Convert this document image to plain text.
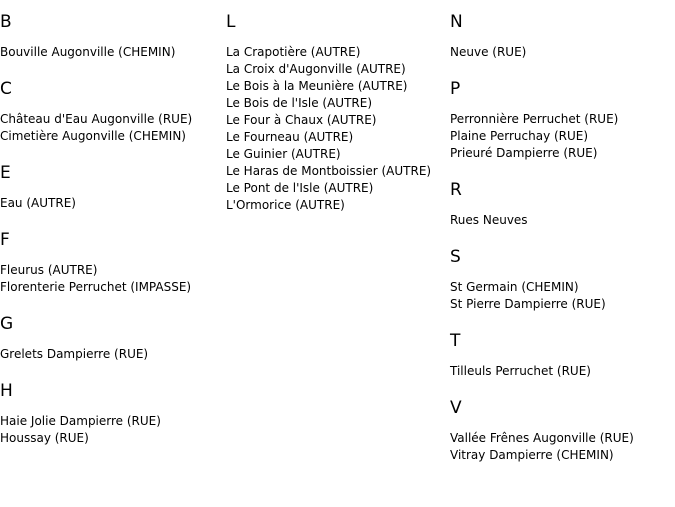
B
Bouville Augonville (CHEMIN)
C
Château d'Eau Augonville (RUE)
Cimetière Augonville (CHEMIN)
E
Eau (AUTRE)
F
Fleurus (AUTRE)
Florenterie Perruchet (IMPASSE)
G
Grelets Dampierre (RUE)
H
Haie Jolie Dampierre (RUE)
Houssay (RUE)
L
La Crapotière (AUTRE)
La Croix d'Augonville (AUTRE)
Le Bois à la Meunière (AUTRE)
Le Bois de l'Isle (AUTRE)
Le Four à Chaux (AUTRE)
Le Fourneau (AUTRE)
Le Guinier (AUTRE)
Le Haras de Montboissier (AUTRE)
Le Pont de l'Isle (AUTRE)
L'Ormorice (AUTRE)
N
Neuve (RUE)
P
Perronnière Perruchet (RUE)
Plaine Perruchay (RUE)
Prieuré Dampierre (RUE)
R
Rues Neuves
S
St Germain (CHEMIN)
St Pierre Dampierre (RUE)
T
Tilleuls Perruchet (RUE)
V
Vallée Frênes Augonville (RUE)
Vitray Dampierre (CHEMIN)
